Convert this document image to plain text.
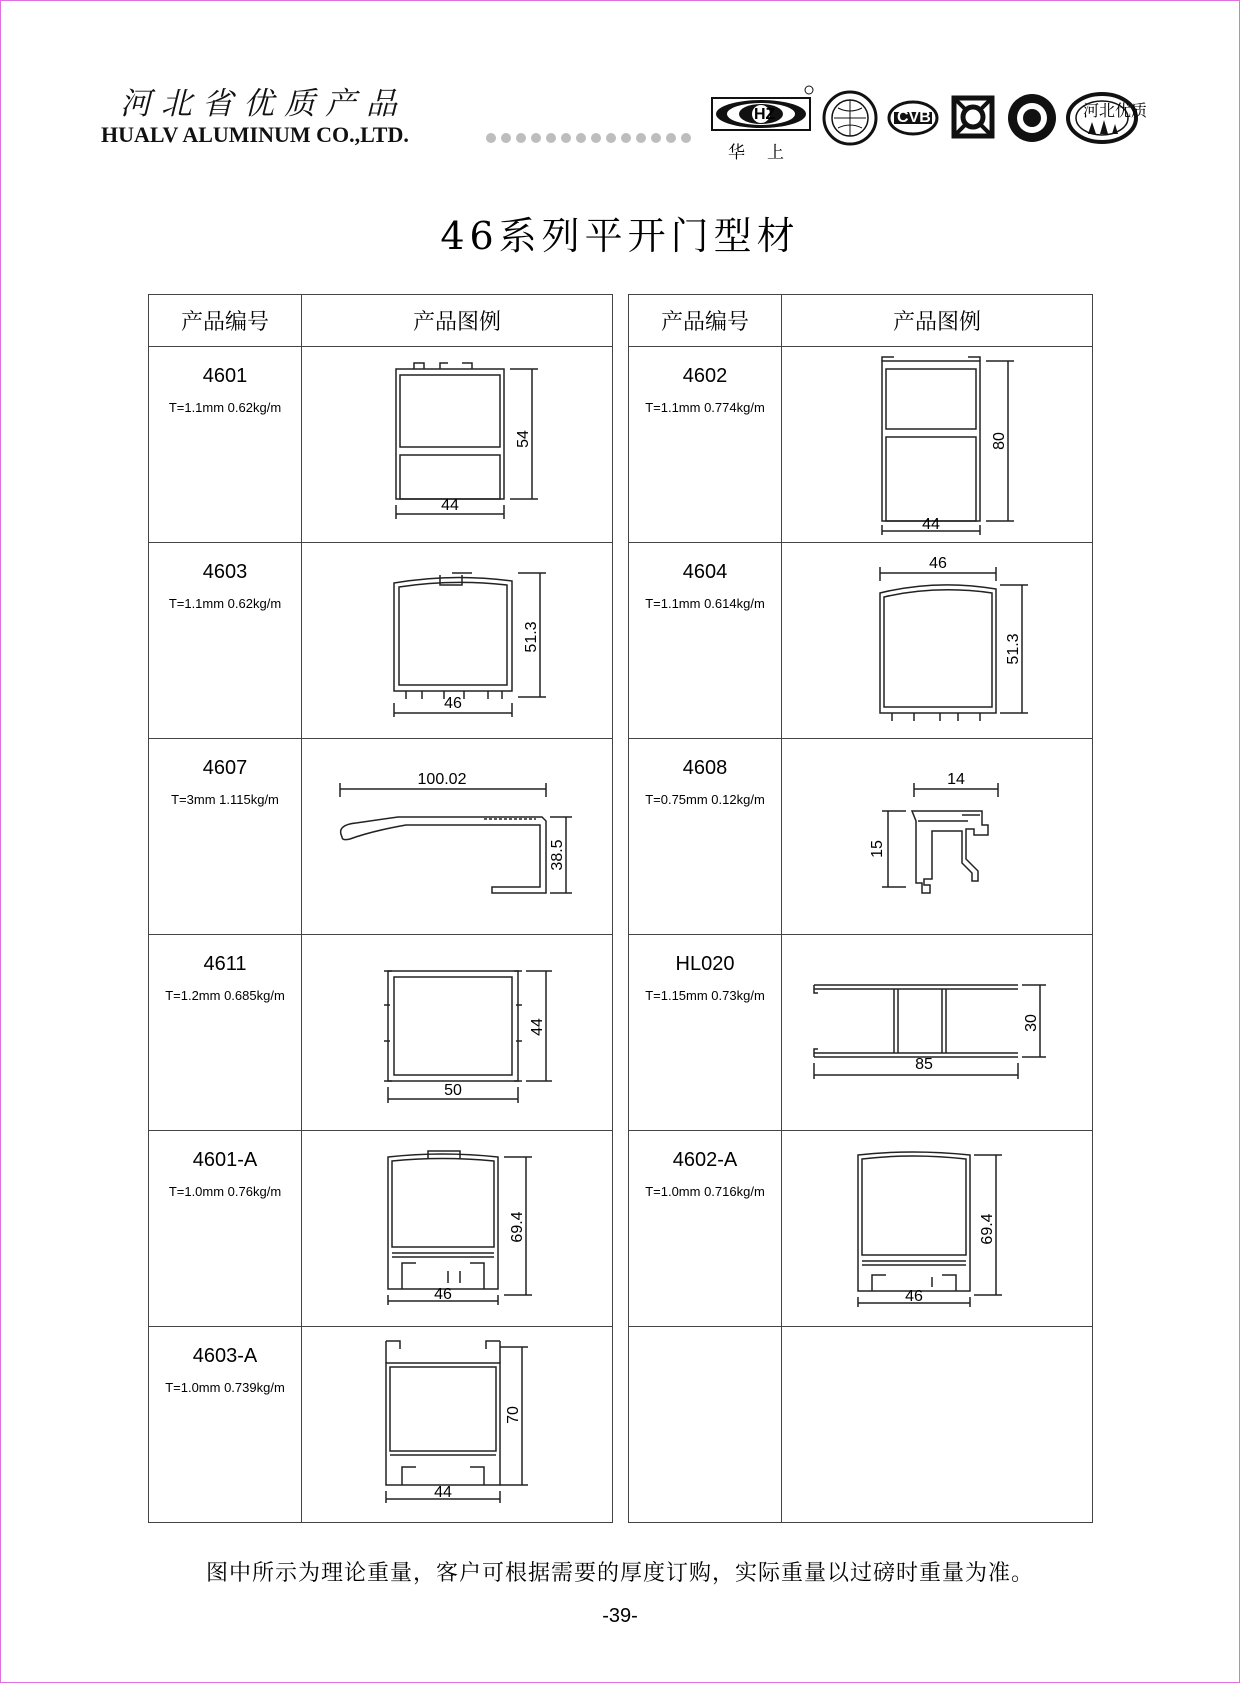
河北省优质产品
HUALV ALUMINUM CO.,LTD.
HZ
华上
CVB	河北优质
46系列平开门型材
产品编号	产品图例

4601
T=1.1mm 0.62kg/m	54
44

4603
T=1.1mm 0.62kg/m	51.3
46

4607
T=3mm 1.115kg/m	100.02
38.5

4611
T=1.2mm 0.685kg/m	44
50

4601-A
T=1.0mm 0.76kg/m	69.4
46

4603-A
T=1.0mm 0.739kg/m	70
44
产品编号	产品图例

4602
T=1.1mm 0.774kg/m	80
44

4604
T=1.1mm 0.614kg/m	46
51.3

4608
T=0.75mm 0.12kg/m	14
15

HL020
T=1.15mm 0.73kg/m	30
85

4602-A
T=1.0mm 0.716kg/m	69.4
46

图中所示为理论重量，客户可根据需要的厚度订购，实际重量以过磅时重量为准。
-39-
